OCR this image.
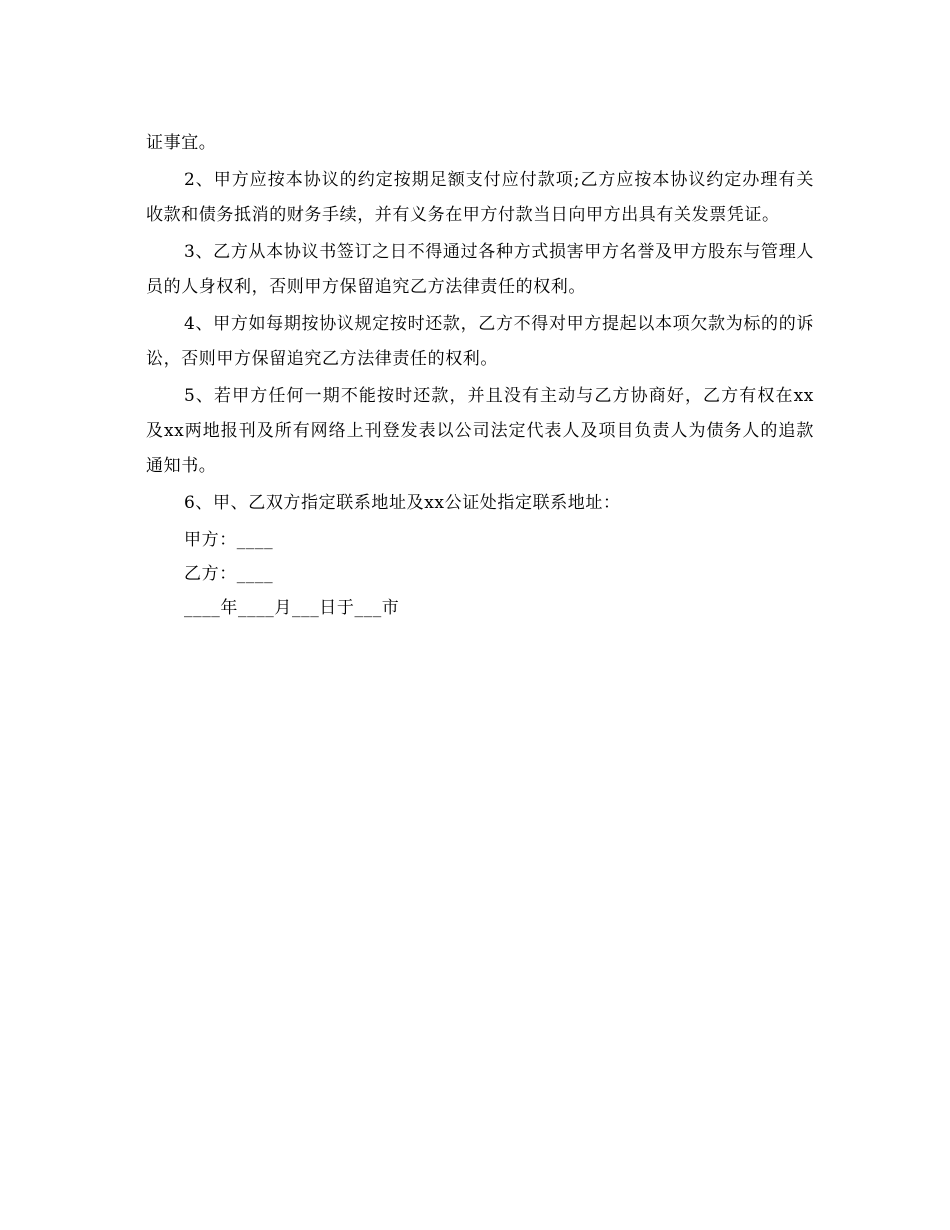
证事宜。

2、甲方应按本协议的约定按期足额支付应付款项;乙方应按本协议约定办理有关收款和债务抵消的财务手续，并有义务在甲方付款当日向甲方出具有关发票凭证。

3、乙方从本协议书签订之日不得通过各种方式损害甲方名誉及甲方股东与管理人员的人身权利，否则甲方保留追究乙方法律责任的权利。

4、甲方如每期按协议规定按时还款，乙方不得对甲方提起以本项欠款为标的的诉讼，否则甲方保留追究乙方法律责任的权利。

5、若甲方任何一期不能按时还款，并且没有主动与乙方协商好，乙方有权在xx及xx两地报刊及所有网络上刊登发表以公司法定代表人及项目负责人为债务人的追款通知书。

6、甲、乙双方指定联系地址及xx公证处指定联系地址：

甲方：____

乙方：____

____年____月___日于___市
